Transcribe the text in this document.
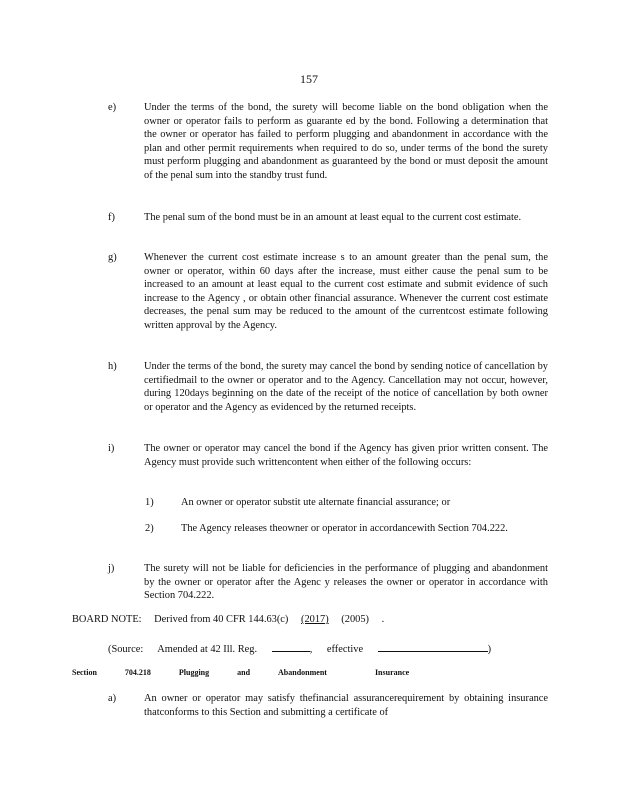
157
e)	Under the terms of the bond, the surety will become liable on the bond obligation when the owner or operator fails to perform as guarante ed by the bond. Following a determination that the owner or operator has failed to perform plugging and abandonment in accordance with the plan and other permit requirements when required to do so, under terms of the bond the surety must perform plugging and abandonment as guaranteed by the bond or must deposit the amount of the penal sum into the standby trust fund.
f)	The penal sum of the bond must be in an amount at least equal to the current cost estimate.
g)	Whenever the current cost estimate increase s to an amount greater than the penal sum, the owner or operator, within 60 days after the increase, must either cause the penal sum to be increased to an amount at least equal to the current cost estimate and submit evidence of such increase to the Agency , or obtain other financial assurance. Whenever the current cost estimate decreases, the penal sum may be reduced to the amount of the currentcost estimate following written approval by the Agency.
h)	Under the terms of the bond, the surety may cancel the bond by sending notice of cancellation by certifiedmail to the owner or operator and to the Agency. Cancellation may not occur, however, during 120days beginning on the date of the receipt of the notice of cancellation by both owner or operator and the Agency as evidenced by the returned receipts.
i)	The owner or operator may cancel the bond if the Agency has given prior written consent. The Agency must provide such writtencontent when either of the following occurs:
1)	An owner or operator substit ute alternate financial assurance; or
2)	The Agency releases theowner or operator in accordancewith Section 704.222.
j)	The surety will not be liable for deficiencies in the performance of plugging and abandonment by the owner or operator after the Agenc y releases the owner or operator in accordance with Section 704.222.
BOARD NOTE: Derived from 40 CFR 144.63(c) (2017) (2005) .
(Source: Amended at 42 Ill. Reg.	, effective	)
Section	704.218	Plugging	and	Abandonment	Insurance
a)	An owner or operator may satisfy thefinancial assurancerequirement by obtaining insurance thatconforms to this Section and submitting a certificate of
